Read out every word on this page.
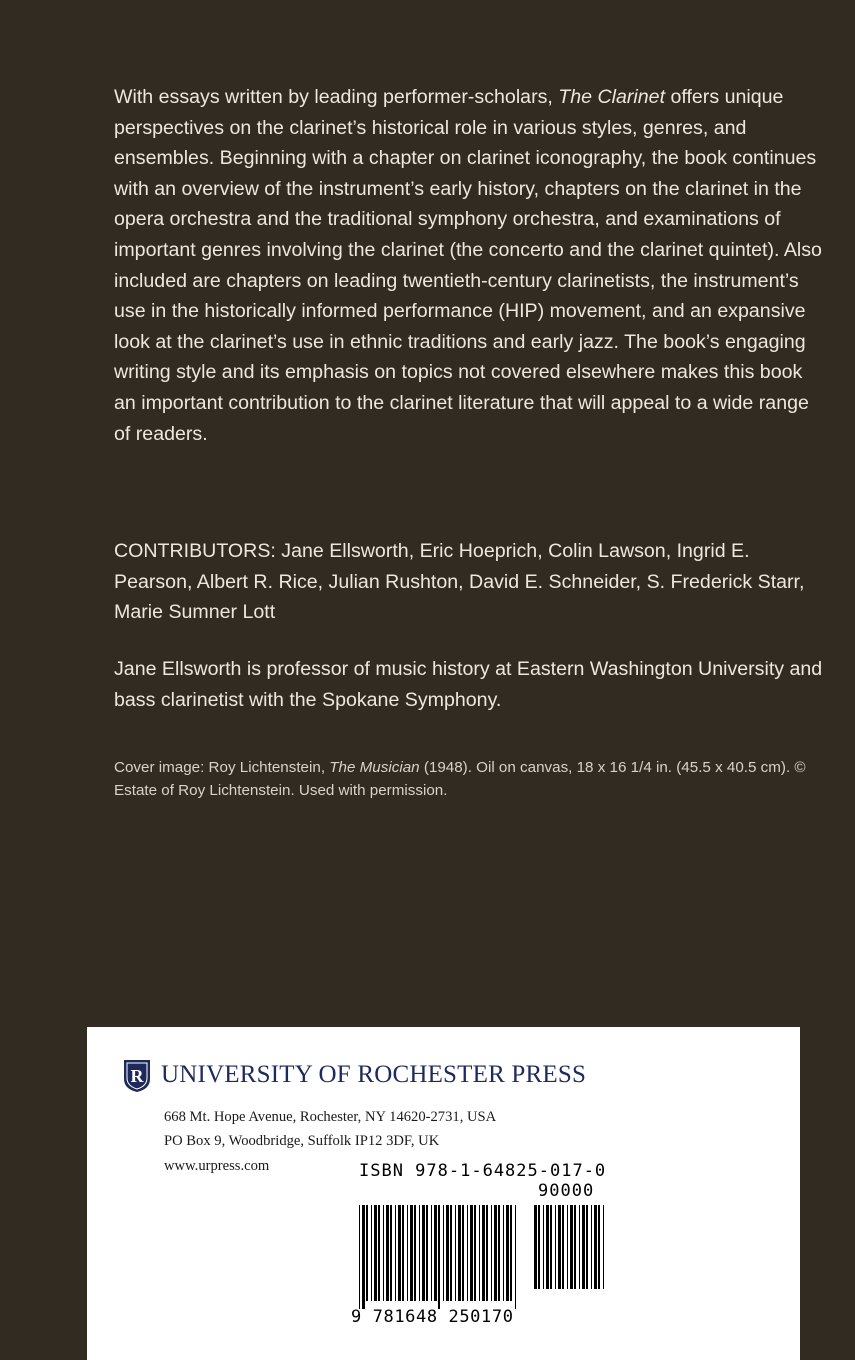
With essays written by leading performer-scholars, The Clarinet offers unique perspectives on the clarinet’s historical role in various styles, genres, and ensembles. Beginning with a chapter on clarinet iconography, the book continues with an overview of the instrument’s early history, chapters on the clarinet in the opera orchestra and the traditional symphony orchestra, and examinations of important genres involving the clarinet (the concerto and the clarinet quintet). Also included are chapters on leading twentieth-century clarinetists, the instrument’s use in the historically informed performance (HIP) movement, and an expansive look at the clarinet’s use in ethnic traditions and early jazz. The book’s engaging writing style and its emphasis on topics not covered elsewhere makes this book an important contribution to the clarinet literature that will appeal to a wide range of readers.

CONTRIBUTORS: Jane Ellsworth, Eric Hoeprich, Colin Lawson, Ingrid E. Pearson, Albert R. Rice, Julian Rushton, David E. Schneider, S. Frederick Starr, Marie Sumner Lott

Jane Ellsworth is professor of music history at Eastern Washington University and bass clarinetist with the Spokane Symphony.

Cover image: Roy Lichtenstein, The Musician (1948). Oil on canvas, 18 x 16 1/4 in. (45.5 x 40.5 cm). © Estate of Roy Lichtenstein. Used with permission.

R UNIVERSITY OF ROCHESTER PRESS
668 Mt. Hope Avenue, Rochester, NY 14620-2731, USA
PO Box 9, Woodbridge, Suffolk IP12 3DF, UK
www.urpress.com	ISBN 978-1-64825-017-0
90000
9 781648 250170
